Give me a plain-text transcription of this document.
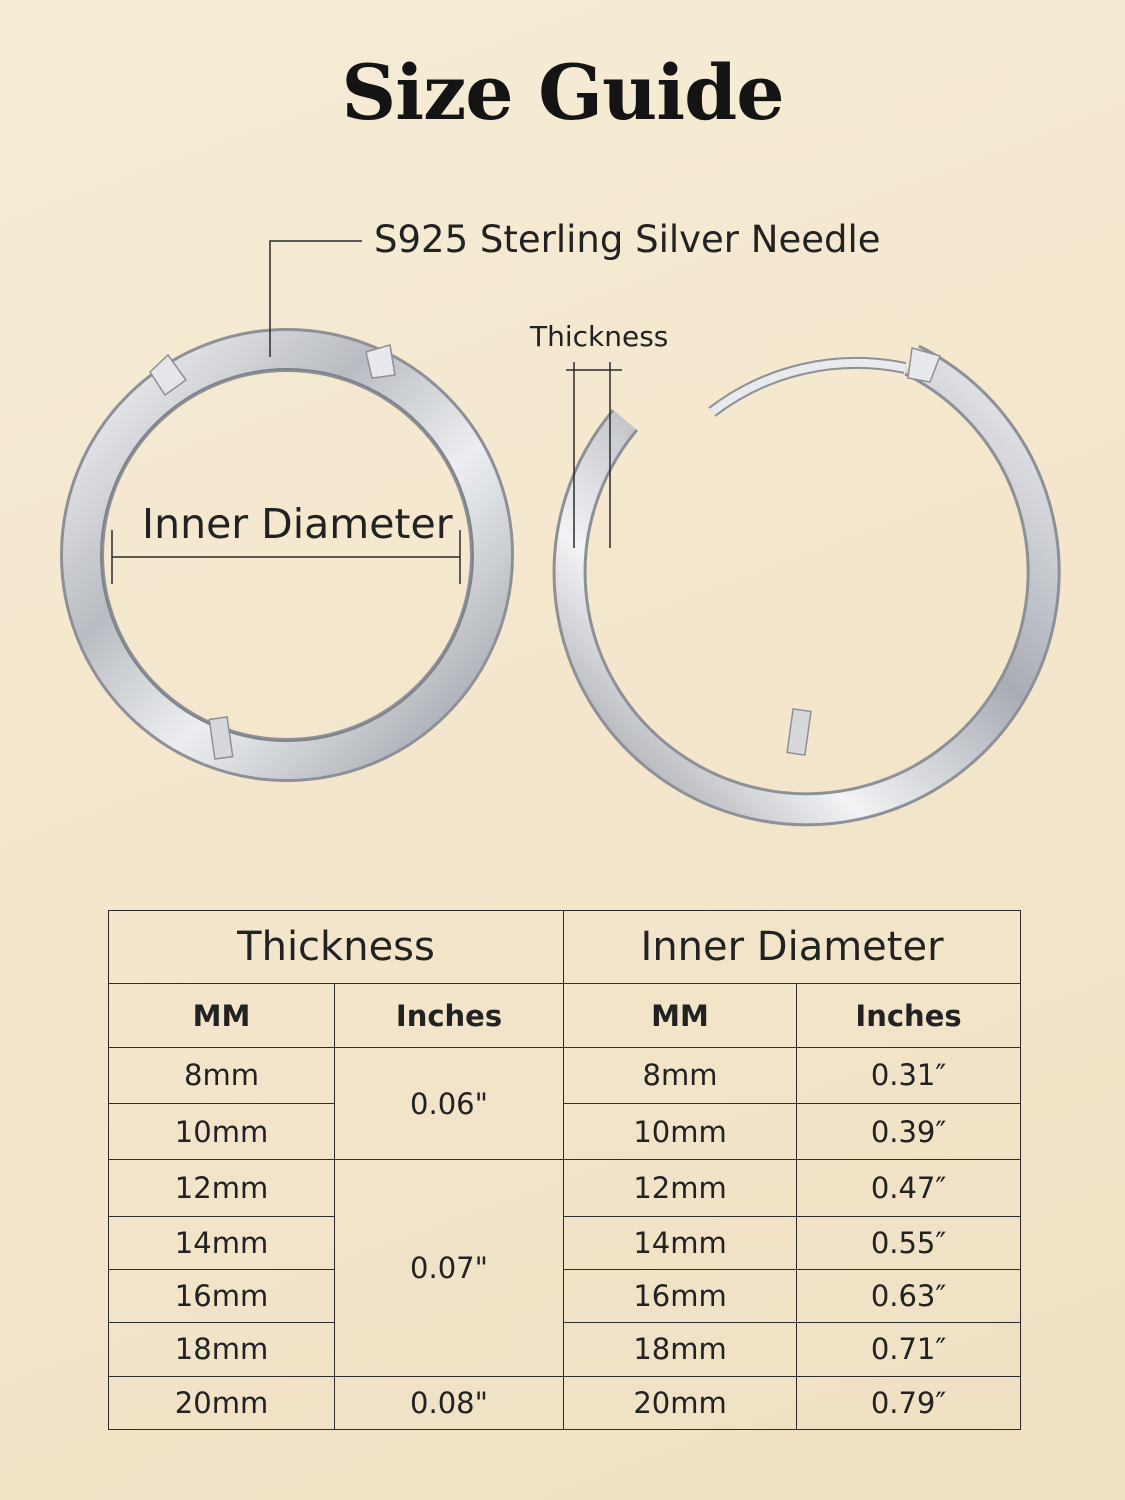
Size Guide
S925 Sterling Silver Needle
Thickness
Inner Diameter
Thickness		Inner Diameter	
MM	Inches	MM	Inches
8mm	0.06"	8mm	0.31″
10mm		10mm	0.39″
12mm	0.07"	12mm	0.47″
14mm		14mm	0.55″
16mm		16mm	0.63″
18mm		18mm	0.71″
20mm	0.08"	20mm	0.79″
